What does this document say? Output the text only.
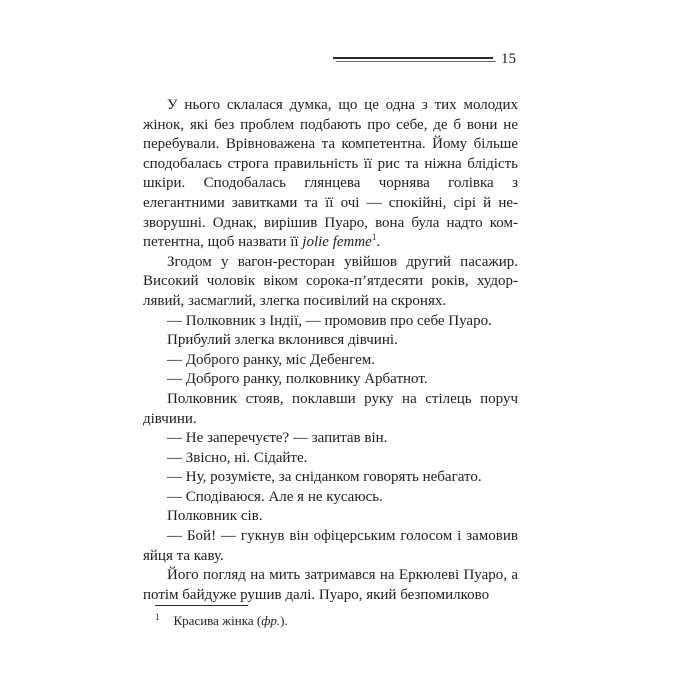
15

У нього склалася думка, що це одна з тих молодих жінок, які без проблем подбають про себе, де б вони не перебували. Врівноважена та компетентна. Йому більше сподобалась строга правильність її рис та ніжна блідість шкіри. Сподобалась глянцева чорнява голівка з елегантними завитками та її очі — спокійні, сірі й незворушні. Однак, вирішив Пуаро, вона була надто компетентна, щоб назвати її jolie femme$^1$.

Згодом у вагон-ресторан увійшов другий пасажир. Високий чоловік віком сорока-п’ятдесяти років, худорлявий, засмаглий, злегка посивілий на скронях.

— Полковник з Індії, — промовив про себе Пуаро.

Прибулий злегка вклонився дівчині.

— Доброго ранку, міс Дебенгем.

— Доброго ранку, полковнику Арбатнот.

Полковник стояв, поклавши руку на стілець поруч дівчини.

— Не заперечуєте? — запитав він.

— Звісно, ні. Сідайте.

— Ну, розумієте, за сніданком говорять небагато.

— Сподіваюся. Але я не кусаюсь.

Полковник сів.

— Бой! — гукнув він офіцерським голосом і замовив яйця та каву.

Його погляд на мить затримався на Еркюлеві Пуаро, а потім байдуже рушив далі. Пуаро, який безпомилково

$^1$ Красива жінка (фр.).
